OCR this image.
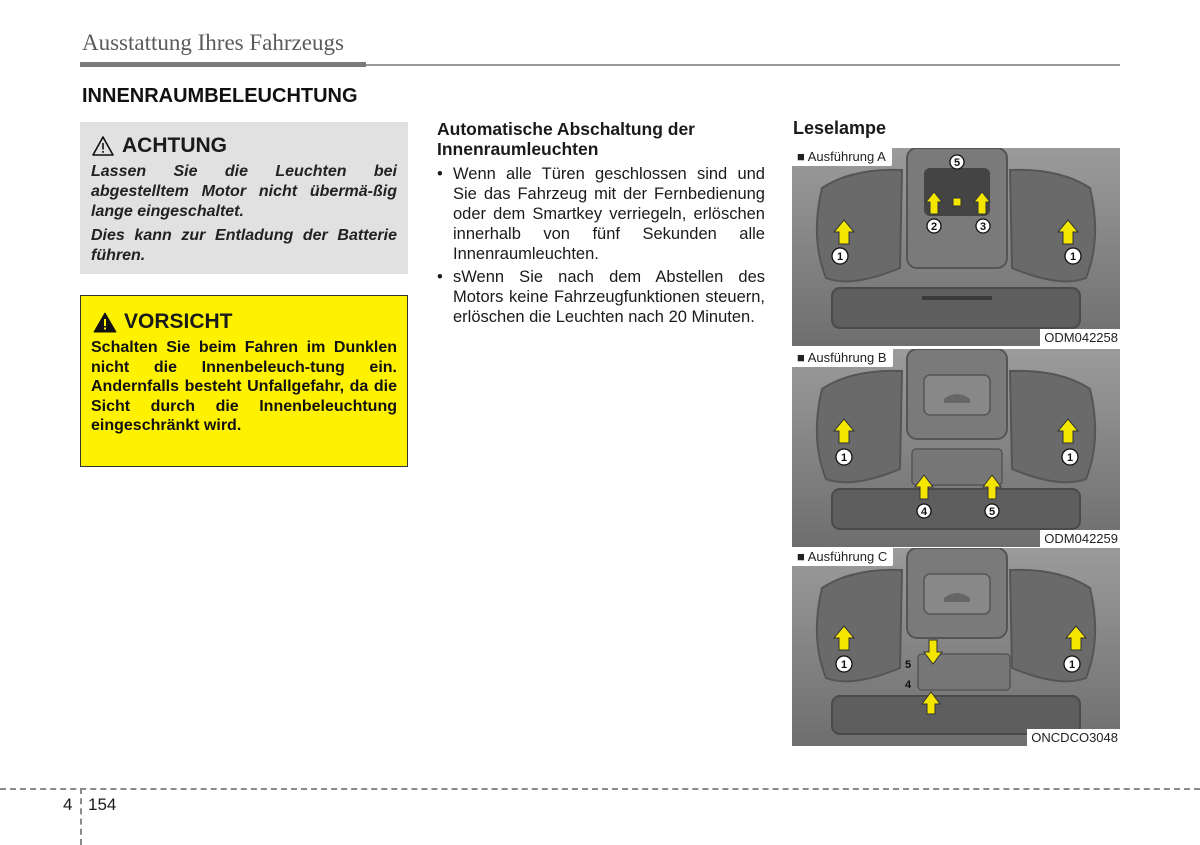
Ausstattung Ihres Fahrzeugs
INNENRAUMBELEUCHTUNG
ACHTUNG

Lassen Sie die Leuchten bei abgestelltem Motor nicht übermä-ßig lange eingeschaltet.

Dies kann zur Entladung der Batterie führen.

VORSICHT
Schalten Sie beim Fahren im Dunklen nicht die Innenbeleuch-tung ein. Andernfalls besteht Unfallgefahr, da die Sicht durch die Innenbeleuchtung eingeschränkt wird.
Automatische Abschaltung der Innenraumleuchten
• Wenn alle Türen geschlossen sind und Sie das Fahrzeug mit der Fernbedienung oder dem Smartkey verriegeln, erlöschen innerhalb von fünf Sekunden alle Innenraumleuchten.
• sWenn Sie nach dem Abstellen des Motors keine Fahrzeugfunktionen steuern, erlöschen die Leuchten nach 20 Minuten.
Leselampe
1	1
2	3
5
■ Ausführung A
ODM042258
1	1
4	5
■ Ausführung B
ODM042259
1	1
5
4
■ Ausführung C
ONCDCO3048
4 154
